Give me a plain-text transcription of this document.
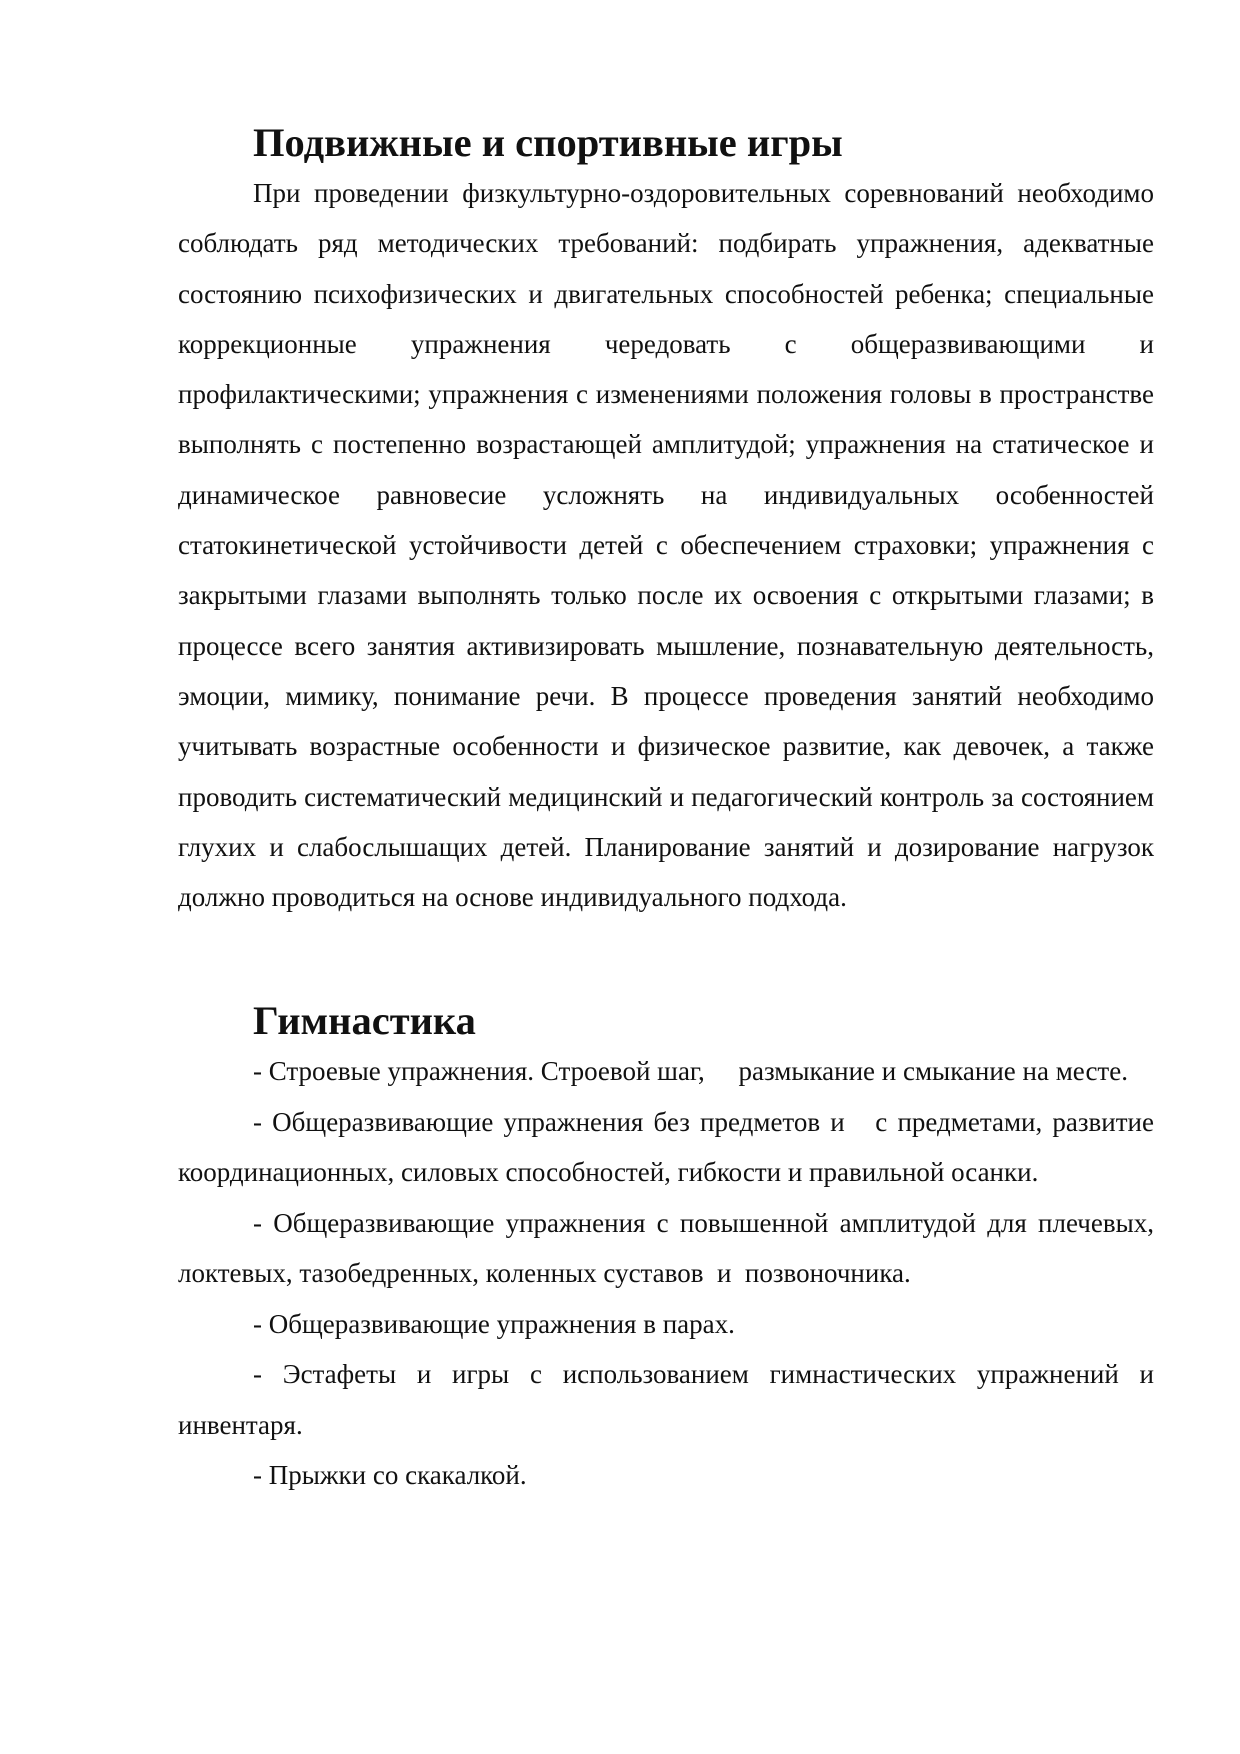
Подвижные и спортивные игры

При проведении физкультурно-оздоровительных соревнований необходимо соблюдать ряд методических требований: подбирать упражнения, адекватные состоянию психофизических и двигательных способностей ребенка; специальные коррекционные упражнения чередовать с общеразвивающими и профилактическими; упражнения с изменениями положения головы в пространстве выполнять с постепенно возрастающей амплитудой; упражнения на статическое и динамическое равновесие усложнять на индивидуальных особенностей статокинетической устойчивости детей с обеспечением страховки; упражнения с закрытыми глазами выполнять только после их освоения с открытыми глазами; в процессе всего занятия активизировать мышление, познавательную деятельность, эмоции, мимику, понимание речи. В процессе проведения занятий необходимо учитывать возрастные особенности и физическое развитие, как девочек, а также проводить систематический медицинский и педагогический контроль за состоянием глухих и слабослышащих детей. Планирование занятий и дозирование нагрузок должно проводиться на основе индивидуального подхода.

Гимнастика

- Строевые упражнения. Строевой шаг,     размыкание и смыкание на месте.

- Общеразвивающие упражнения без предметов и   с предметами, развитие координационных, силовых способностей, гибкости и правильной осанки.

- Общеразвивающие упражнения с повышенной амплитудой для плечевых, локтевых, тазобедренных, коленных суставов  и  позвоночника.

- Общеразвивающие упражнения в парах.

- Эстафеты и игры с использованием гимнастических упражнений и инвентаря.

- Прыжки со скакалкой.
